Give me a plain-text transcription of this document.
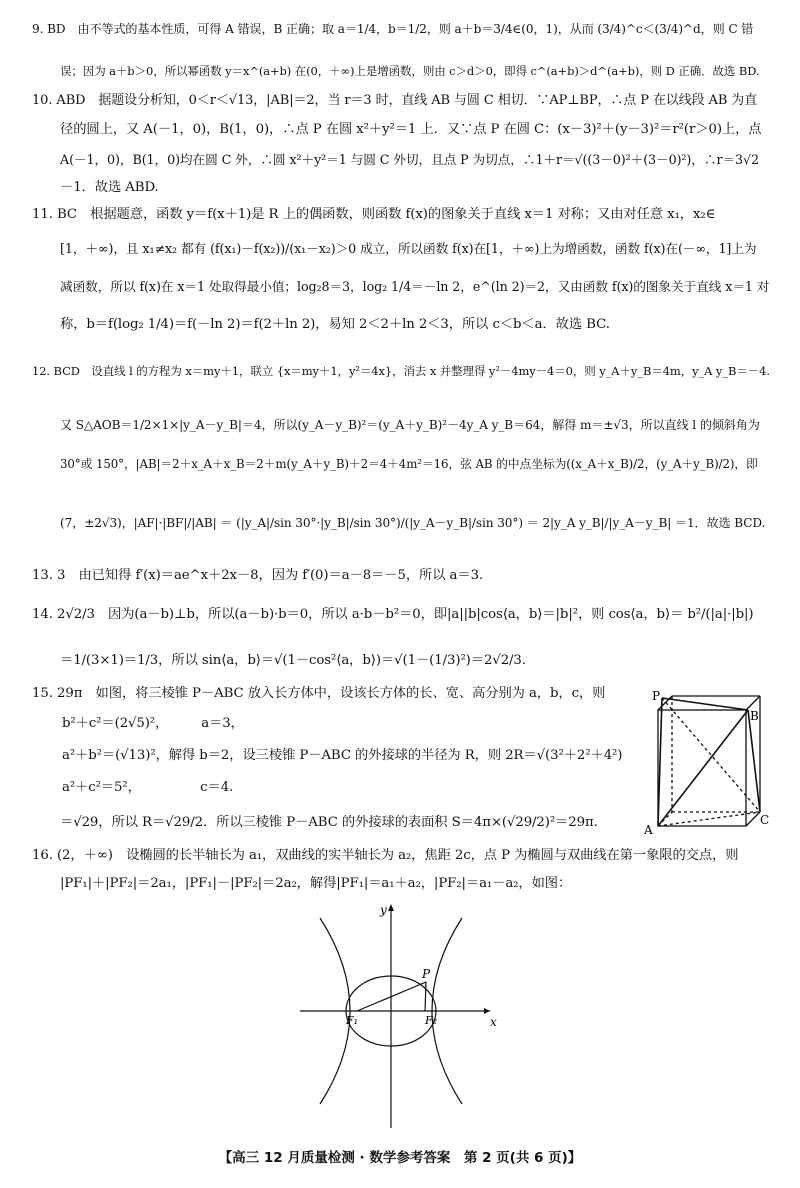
9. BD　由不等式的基本性质，可得 A 错误，B 正确；取 a＝1/4，b＝1/2，则 a＋b＝3/4∈(0，1)，从而 (3/4)^c＜(3/4)^d，则 C 错
误；因为 a＋b＞0，所以幂函数 y＝x^(a+b) 在(0，＋∞)上是增函数，则由 c＞d＞0，即得 c^(a+b)＞d^(a+b)，则 D 正确．故选 BD.
10. ABD　据题设分析知，0＜r＜√13，|AB|＝2，当 r＝3 时，直线 AB 与圆 C 相切．∵AP⊥BP，∴点 P 在以线段 AB 为直
径的圆上，又 A(－1，0)，B(1，0)，∴点 P 在圆 x²＋y²＝1 上．又∵点 P 在圆 C：(x－3)²＋(y－3)²＝r²(r＞0)上，点
A(－1，0)，B(1，0)均在圆 C 外，∴圆 x²＋y²＝1 与圆 C 外切，且点 P 为切点，∴1＋r＝√((3－0)²＋(3－0)²)，∴r＝3√2
－1．故选 ABD.
11. BC　根据题意，函数 y＝f(x＋1)是 R 上的偶函数，则函数 f(x)的图象关于直线 x＝1 对称；又由对任意 x₁，x₂∈
[1，＋∞)，且 x₁≠x₂ 都有 (f(x₁)－f(x₂))/(x₁－x₂)＞0 成立，所以函数 f(x)在[1，＋∞)上为增函数，函数 f(x)在(－∞，1]上为
减函数，所以 f(x)在 x＝1 处取得最小值；log₂8＝3，log₂ 1/4＝－ln 2，e^(ln 2)＝2，又由函数 f(x)的图象关于直线 x＝1 对
称，b＝f(log₂ 1/4)＝f(－ln 2)＝f(2＋ln 2)，易知 2＜2＋ln 2＜3，所以 c＜b＜a．故选 BC.
12. BCD　设直线 l 的方程为 x＝my＋1，联立 {x＝my＋1，y²＝4x}，消去 x 并整理得 y²－4my－4＝0，则 y_A＋y_B＝4m，y_A y_B＝－4.
又 S△AOB＝1/2×1×|y_A－y_B|＝4，所以(y_A－y_B)²＝(y_A＋y_B)²－4y_A y_B＝64，解得 m＝±√3，所以直线 l 的倾斜角为
30°或 150°，|AB|＝2＋x_A＋x_B＝2＋m(y_A＋y_B)＋2＝4＋4m²＝16，弦 AB 的中点坐标为((x_A＋x_B)/2，(y_A＋y_B)/2)，即
(7，±2√3)，|AF|·|BF|/|AB| ＝ (|y_A|/sin 30°·|y_B|/sin 30°)/(|y_A－y_B|/sin 30°) ＝ 2|y_A y_B|/|y_A－y_B| ＝1．故选 BCD.
13. 3　由已知得 f′(x)＝ae^x＋2x－8，因为 f′(0)＝a－8＝－5，所以 a＝3.
14. 2√2/3　因为(a－b)⊥b，所以(a－b)·b＝0，所以 a·b－b²＝0，即|a||b|cos⟨a，b⟩＝|b|²，则 cos⟨a，b⟩＝ b²/(|a|·|b|)
＝1/(3×1)＝1/3，所以 sin⟨a，b⟩＝√(1－cos²⟨a，b⟩)＝√(1－(1/3)²)＝2√2/3.
15. 29π　如图，将三棱锥 P－ABC 放入长方体中，设该长方体的长、宽、高分别为 a，b，c，则
b²＋c²＝(2√5)²，　　　a＝3，
a²＋b²＝(√13)²，解得 b＝2，设三棱锥 P－ABC 的外接球的半径为 R，则 2R＝√(3²＋2²＋4²)
a²＋c²＝5²，　　　　　c＝4.
＝√29，所以 R＝√29/2．所以三棱锥 P－ABC 的外接球的表面积 S＝4π×(√29/2)²＝29π.
16. (2，＋∞)　设椭圆的长半轴长为 a₁，双曲线的实半轴长为 a₂，焦距 2c，点 P 为椭圆与双曲线在第一象限的交点，则
|PF₁|＋|PF₂|＝2a₁，|PF₁|－|PF₂|＝2a₂，解得|PF₁|＝a₁＋a₂，|PF₂|＝a₁－a₂，如图：
P
B
A
C
y
x
P
F₁	F₂
【高三 12 月质量检测 · 数学参考答案　第 2 页(共 6 页)】
